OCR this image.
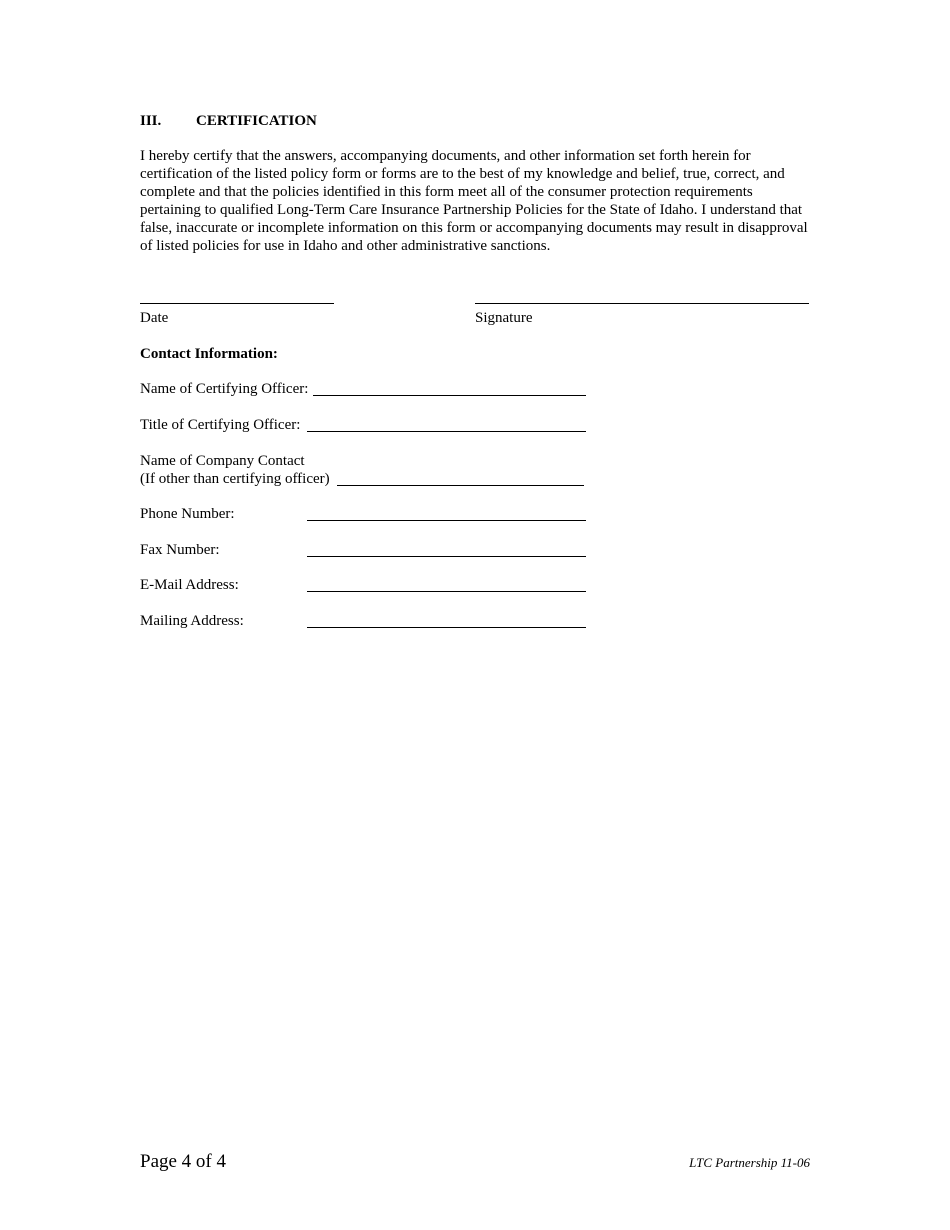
III. CERTIFICATION

I hereby certify that the answers, accompanying documents, and other information set forth herein for certification of the listed policy form or forms are to the best of my knowledge and belief, true, correct, and complete and that the policies identified in this form meet all of the consumer protection requirements pertaining to qualified Long-Term Care Insurance Partnership Policies for the State of Idaho. I understand that false, inaccurate or incomplete information on this form or accompanying documents may result in disapproval of listed policies for use in Idaho and other administrative sanctions.

Date	Signature
Contact Information:
Name of Certifying Officer:
Title of Certifying Officer:
Name of Company Contact
(If other than certifying officer)
Phone Number:
Fax Number:
E-Mail Address:
Mailing Address:
Page 4 of 4	LTC Partnership 11-06
